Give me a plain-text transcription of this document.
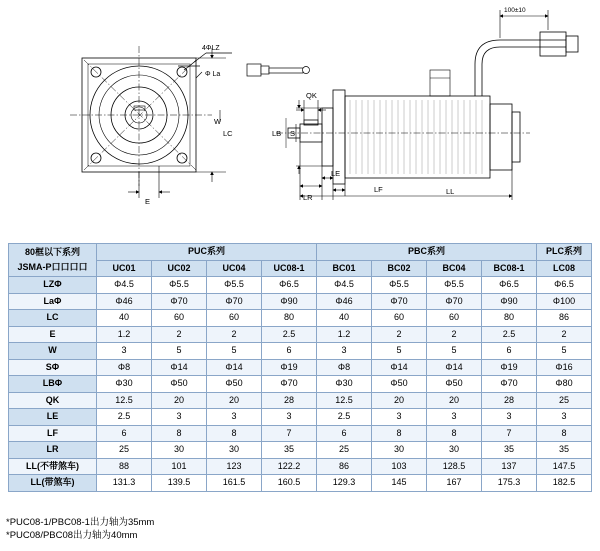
4ΦLZ
Φ La
E
W
LC
100±10
QK
LB S
LR
LE
LF	LL
80框以下系列
JSMA-P口口口口	PUC系列				PBC系列				PLC系列
	UC01	UC02	UC04	UC08-1	BC01	BC02	BC04	BC08-1	LC08
LZΦ	Φ4.5	Φ5.5	Φ5.5	Φ6.5	Φ4.5	Φ5.5	Φ5.5	Φ6.5	Φ6.5
LaΦ	Φ46	Φ70	Φ70	Φ90	Φ46	Φ70	Φ70	Φ90	Φ100
LC	40	60	60	80	40	60	60	80	86
E	1.2	2	2	2.5	1.2	2	2	2.5	2
W	3	5	5	6	3	5	5	6	5
SΦ	Φ8	Φ14	Φ14	Φ19	Φ8	Φ14	Φ14	Φ19	Φ16
LBΦ	Φ30	Φ50	Φ50	Φ70	Φ30	Φ50	Φ50	Φ70	Φ80
QK	12.5	20	20	28	12.5	20	20	28	25
LE	2.5	3	3	3	2.5	3	3	3	3
LF	6	8	8	7	6	8	8	7	8
LR	25	30	30	35	25	30	30	35	35
LL(不带煞车)	88	101	123	122.2	86	103	128.5	137	147.5
LL(带煞车)	131.3	139.5	161.5	160.5	129.3	145	167	175.3	182.5
*PUC08-1/PBC08-1出力轴为35mm
*PUC08/PBC08出力轴为40mm
